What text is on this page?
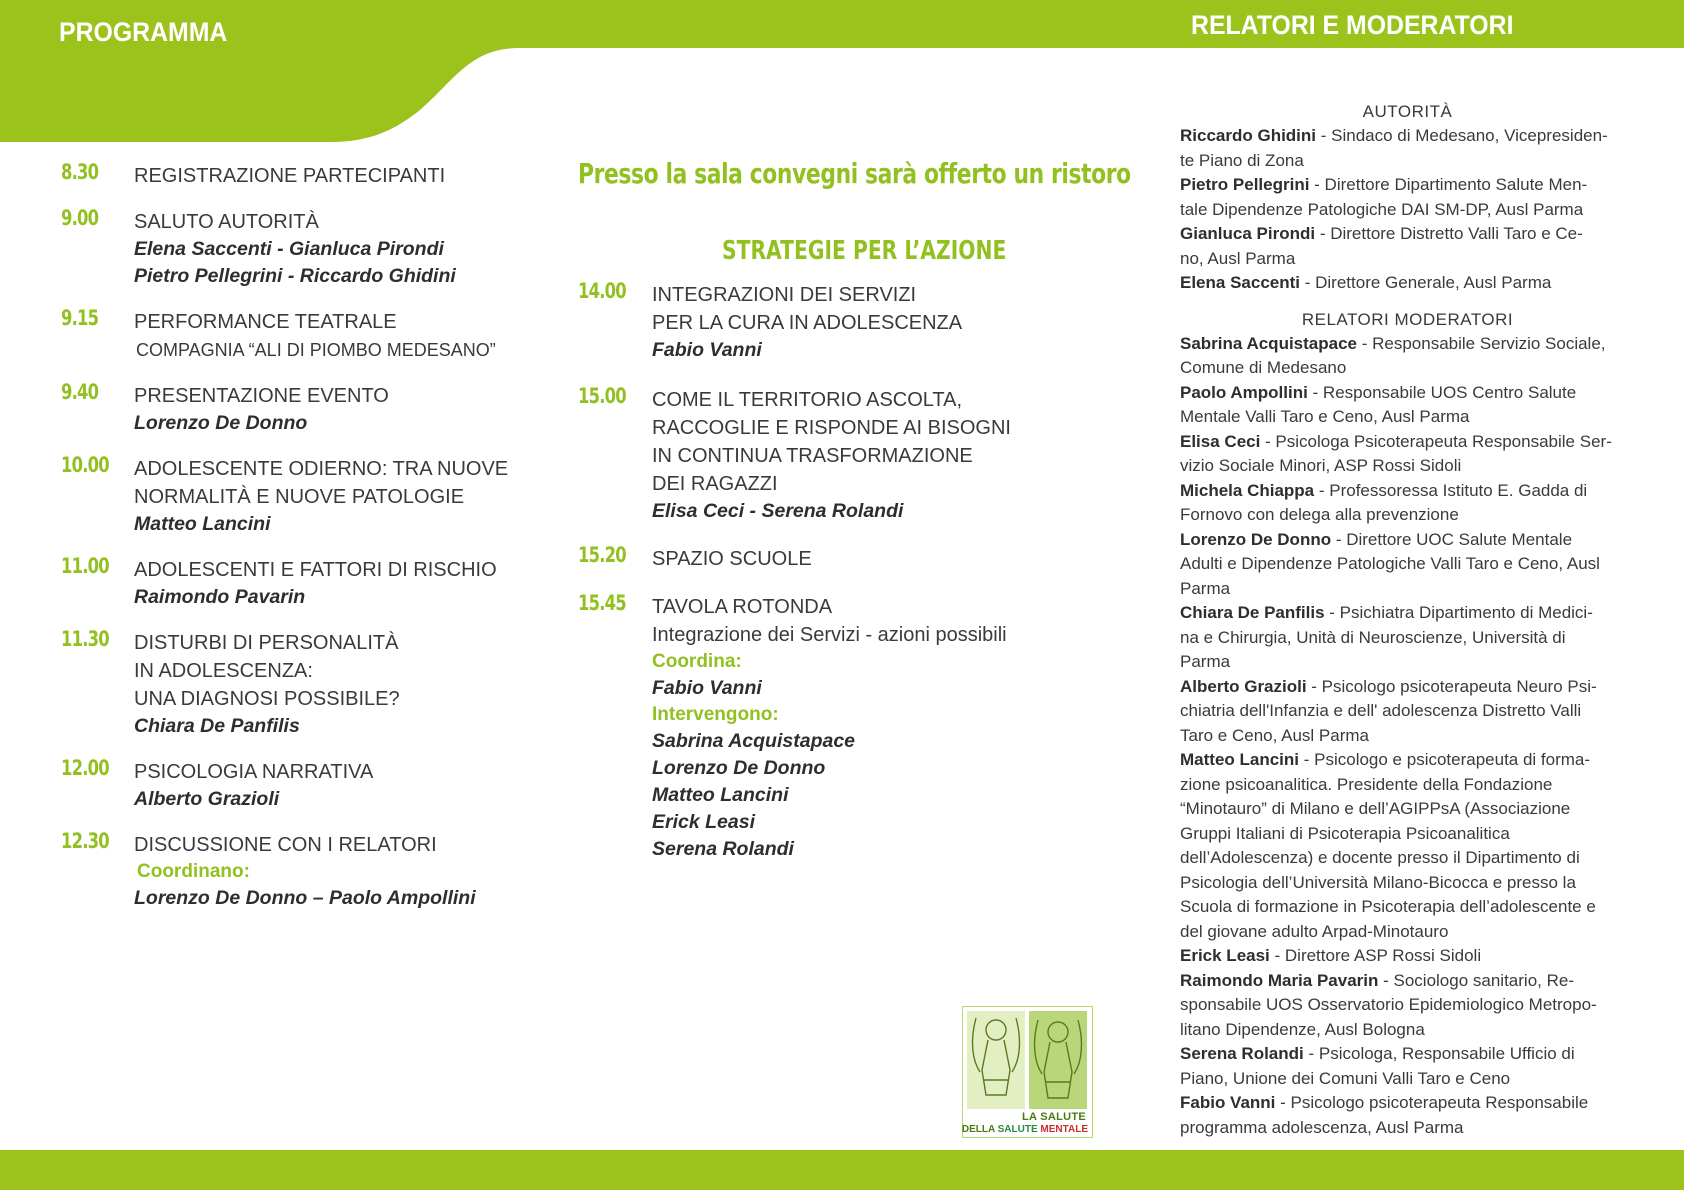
PROGRAMMA	RELATORI E MODERATORI
8.30 REGISTRAZIONE PARTECIPANTI
9.00 SALUTO AUTORITÀ
Elena Saccenti - Gianluca Pirondi
Pietro Pellegrini - Riccardo Ghidini
9.15 PERFORMANCE TEATRALE
COMPAGNIA “ALI DI PIOMBO MEDESANO”
9.40 PRESENTAZIONE EVENTO
Lorenzo De Donno
10.00 ADOLESCENTE ODIERNO: TRA NUOVE
NORMALITÀ E NUOVE PATOLOGIE
Matteo Lancini
11.00 ADOLESCENTI E FATTORI DI RISCHIO
Raimondo Pavarin
11.30 DISTURBI DI PERSONALITÀ
IN ADOLESCENZA:
UNA DIAGNOSI POSSIBILE?
Chiara De Panfilis
12.00 PSICOLOGIA NARRATIVA
Alberto Grazioli
12.30 DISCUSSIONE CON I RELATORI
Coordinano:
Lorenzo De Donno – Paolo Ampollini
Presso la sala convegni sarà offerto un ristoro
STRATEGIE PER L’AZIONE
14.00 INTEGRAZIONI DEI SERVIZI
PER LA CURA IN ADOLESCENZA
Fabio Vanni
15.00 COME IL TERRITORIO ASCOLTA,
RACCOGLIE E RISPONDE AI BISOGNI
IN CONTINUA TRASFORMAZIONE
DEI RAGAZZI
Elisa Ceci - Serena Rolandi
15.20 SPAZIO SCUOLE
15.45 TAVOLA ROTONDA
Integrazione dei Servizi - azioni possibili
Coordina:
Fabio Vanni
Intervengono:
Sabrina Acquistapace
Lorenzo De Donno
Matteo Lancini
Erick Leasi
Serena Rolandi
LA SALUTE
DELLA SALUTE MENTALE
AUTORITÀ
Riccardo Ghidini - Sindaco di Medesano, Vicepresiden-
te Piano di Zona
Pietro Pellegrini - Direttore Dipartimento Salute Men-
tale Dipendenze Patologiche DAI SM-DP, Ausl Parma
Gianluca Pirondi - Direttore Distretto Valli Taro e Ce-
no, Ausl Parma
Elena Saccenti - Direttore Generale, Ausl Parma
RELATORI MODERATORI
Sabrina Acquistapace - Responsabile Servizio Sociale,
Comune di Medesano
Paolo Ampollini - Responsabile UOS Centro Salute
Mentale Valli Taro e Ceno, Ausl Parma
Elisa Ceci - Psicologa Psicoterapeuta Responsabile Ser-
vizio Sociale Minori, ASP Rossi Sidoli
Michela Chiappa - Professoressa Istituto E. Gadda di
Fornovo con delega alla prevenzione
Lorenzo De Donno - Direttore UOC Salute Mentale
Adulti e Dipendenze Patologiche Valli Taro e Ceno, Ausl
Parma
Chiara De Panfilis - Psichiatra Dipartimento di Medici-
na e Chirurgia, Unità di Neuroscienze, Università di
Parma
Alberto Grazioli - Psicologo psicoterapeuta Neuro Psi-
chiatria dell'Infanzia e dell' adolescenza Distretto Valli
Taro e Ceno, Ausl Parma
Matteo Lancini - Psicologo e psicoterapeuta di forma-
zione psicoanalitica. Presidente della Fondazione
“Minotauro” di Milano e dell’AGIPPsA (Associazione
Gruppi Italiani di Psicoterapia Psicoanalitica
dell’Adolescenza) e docente presso il Dipartimento di
Psicologia dell’Università Milano-Bicocca e presso la
Scuola di formazione in Psicoterapia dell’adolescente e
del giovane adulto Arpad-Minotauro
Erick Leasi - Direttore ASP Rossi Sidoli
Raimondo Maria Pavarin - Sociologo sanitario, Re-
sponsabile UOS Osservatorio Epidemiologico Metropo-
litano Dipendenze, Ausl Bologna
Serena Rolandi - Psicologa, Responsabile Ufficio di
Piano, Unione dei Comuni Valli Taro e Ceno
Fabio Vanni - Psicologo psicoterapeuta Responsabile
programma adolescenza, Ausl Parma
